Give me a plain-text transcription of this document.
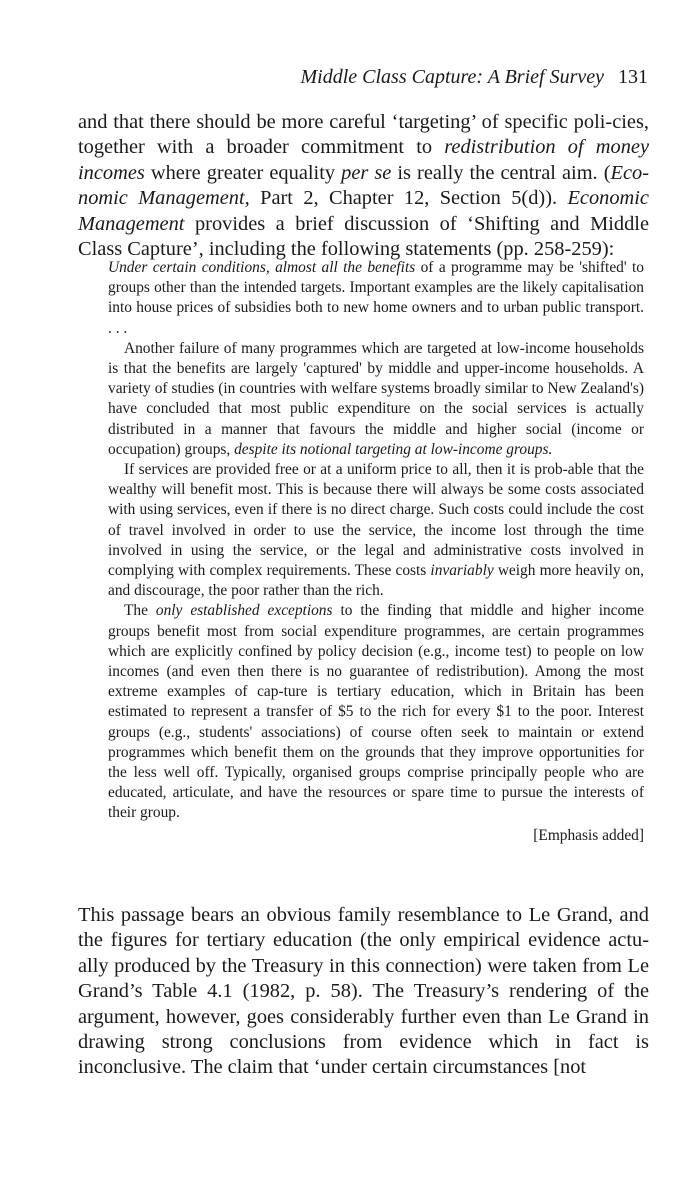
Middle Class Capture: A Brief Survey 131

and that there should be more careful ‘targeting’ of specific poli-cies, together with a broader commitment to redistribution of money incomes where greater equality per se is really the central aim. (Eco-nomic Management, Part 2, Chapter 12, Section 5(d)). Economic Management provides a brief discussion of ‘Shifting and Middle Class Capture’, including the following statements (pp. 258-259):

Under certain conditions, almost all the benefits of a programme may be 'shifted' to groups other than the intended targets. Important examples are the likely capitalisation into house prices of subsidies both to new home owners and to urban public transport. . . .

Another failure of many programmes which are targeted at low-income households is that the benefits are largely 'captured' by middle and upper-income households. A variety of studies (in countries with welfare systems broadly similar to New Zealand's) have concluded that most public expenditure on the social services is actually distributed in a manner that favours the middle and higher social (income or occupation) groups, despite its notional targeting at low-income groups.

If services are provided free or at a uniform price to all, then it is prob-able that the wealthy will benefit most. This is because there will always be some costs associated with using services, even if there is no direct charge. Such costs could include the cost of travel involved in order to use the service, the income lost through the time involved in using the service, or the legal and administrative costs involved in complying with complex requirements. These costs invariably weigh more heavily on, and discourage, the poor rather than the rich.

The only established exceptions to the finding that middle and higher income groups benefit most from social expenditure programmes, are certain programmes which are explicitly confined by policy decision (e.g., income test) to people on low incomes (and even then there is no guarantee of redistribution). Among the most extreme examples of cap-ture is tertiary education, which in Britain has been estimated to represent a transfer of $5 to the rich for every $1 to the poor. Interest groups (e.g., students' associations) of course often seek to maintain or extend programmes which benefit them on the grounds that they improve opportunities for the less well off. Typically, organised groups comprise principally people who are educated, articulate, and have the resources or spare time to pursue the interests of their group.

[Emphasis added]

This passage bears an obvious family resemblance to Le Grand, and the figures for tertiary education (the only empirical evidence actu-ally produced by the Treasury in this connection) were taken from Le Grand’s Table 4.1 (1982, p. 58). The Treasury’s rendering of the argument, however, goes considerably further even than Le Grand in drawing strong conclusions from evidence which in fact is inconclusive. The claim that ‘under certain circumstances [not
